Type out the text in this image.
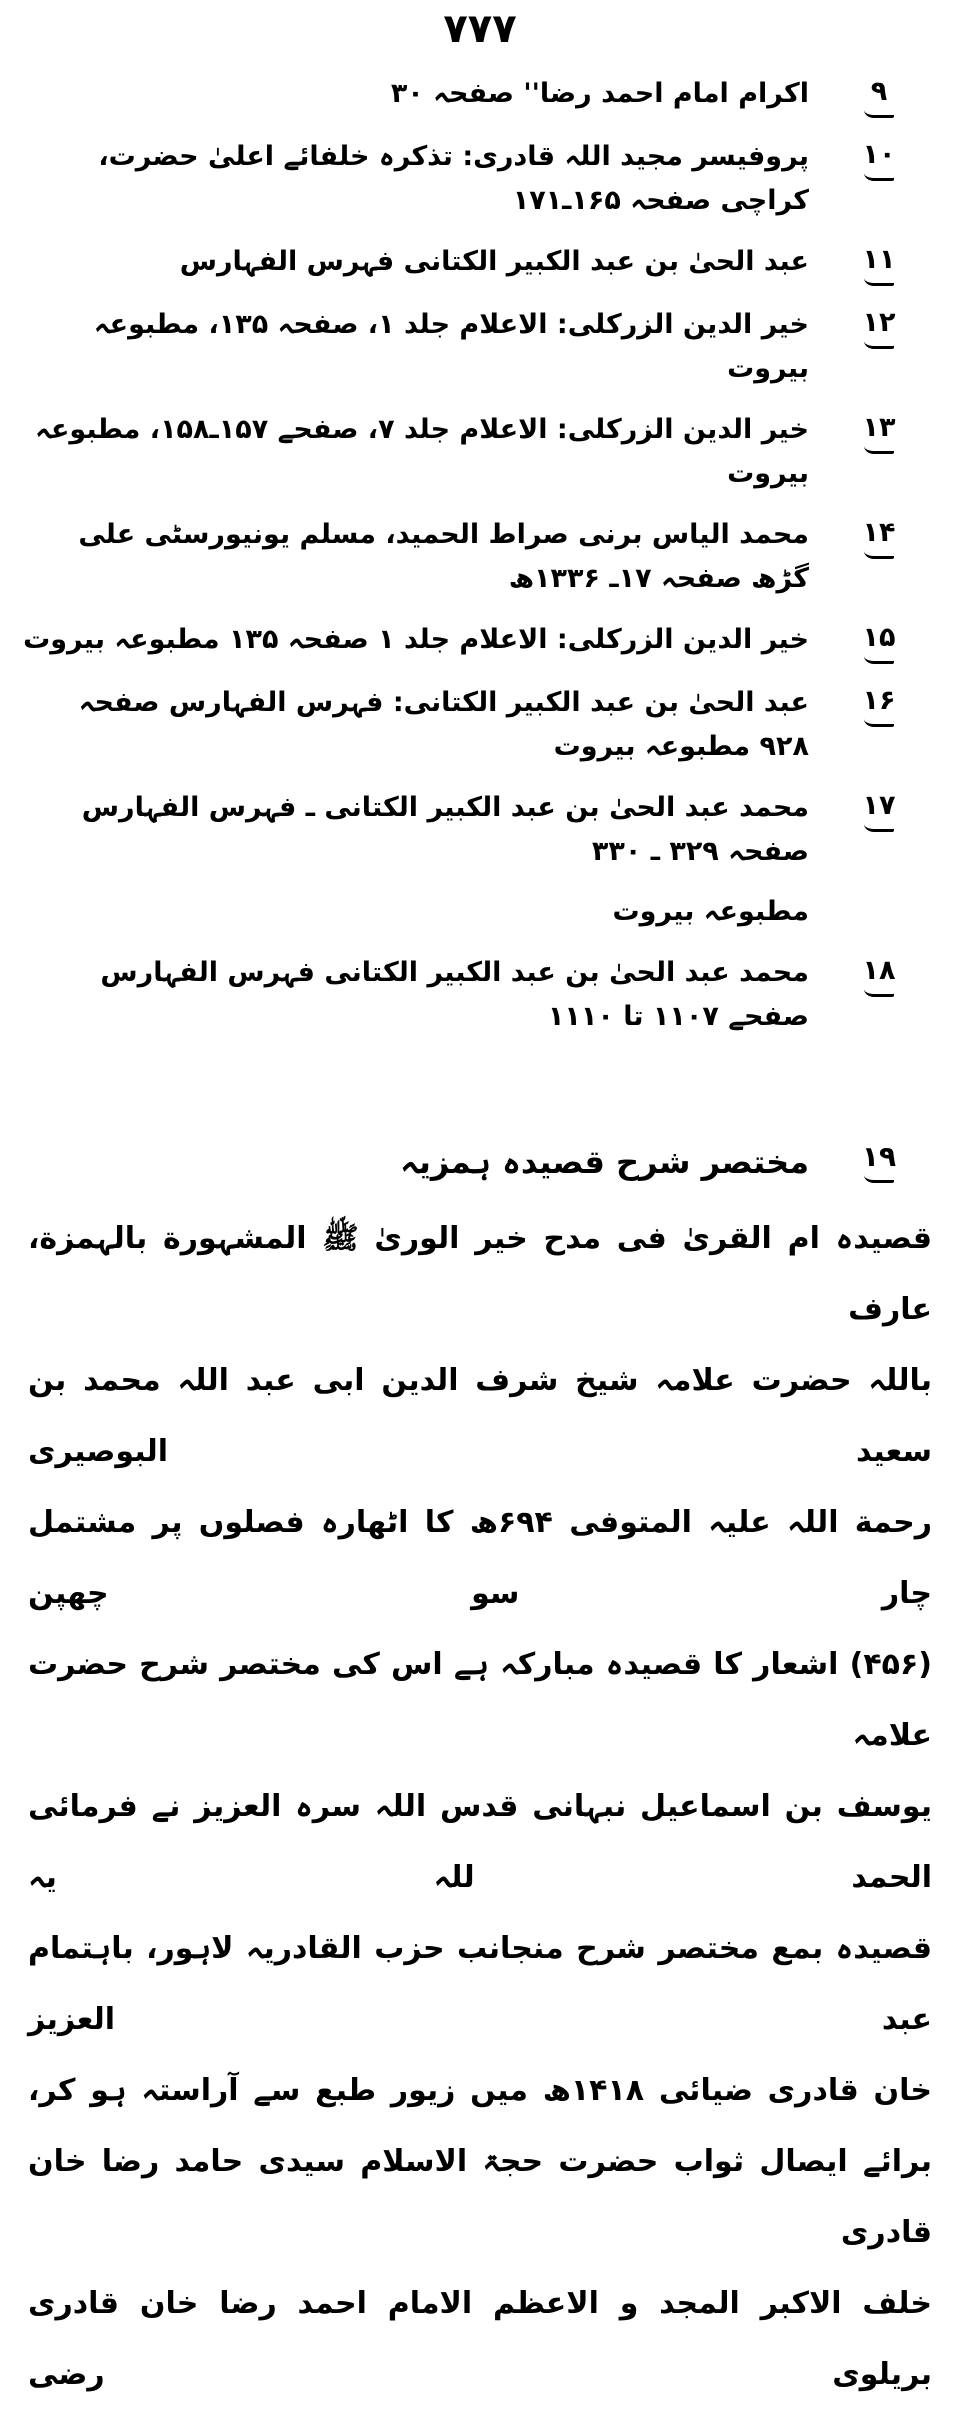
۷۷۷
۹
اکرام امام احمد رضا'' صفحہ ۳۰
۱۰
پروفیسر مجید اللہ قادری: تذکرہ خلفائے اعلیٰ حضرت، کراچی صفحہ ۱۶۵ـ۱۷۱
۱۱
عبد الحیٰ بن عبد الکبیر الکتانی فہرس الفہارس
۱۲
خیر الدین الزرکلی: الاعلام جلد ۱، صفحہ ۱۳۵، مطبوعہ بیروت
۱۳
خیر الدین الزرکلی: الاعلام جلد ۷، صفحے ۱۵۷ـ۱۵۸، مطبوعہ بیروت
۱۴
محمد الیاس برنی صراط الحمید، مسلم یونیورسٹی علی گڑھ صفحہ ۱۷ـ ۱۳۳۶ھ
۱۵
خیر الدین الزرکلی: الاعلام جلد ۱ صفحہ ۱۳۵ مطبوعہ بیروت
۱۶
عبد الحیٰ بن عبد الکبیر الکتانی: فہرس الفہارس صفحہ ۹۲۸ مطبوعہ بیروت
۱۷
محمد عبد الحیٰ بن عبد الکبیر الکتانی ـ فہرس الفہارس صفحہ ۳۲۹ ـ ۳۳۰
مطبوعہ بیروت
۱۸
محمد عبد الحیٰ بن عبد الکبیر الکتانی فہرس الفہارس صفحے ۱۱۰۷ تا ۱۱۱۰
۱۹
مختصر شرح قصیدہ ہمزیہ
قصیدہ ام القریٰ فی مدح خیر الوریٰ ﷺ المشہورة بالہمزة، عارف
باللہ حضرت علامہ شیخ شرف الدین ابی عبد اللہ محمد بن سعید البوصیری
رحمة اللہ علیہ المتوفی ۶۹۴ھ کا اٹھارہ فصلوں پر مشتمل چار سو چھپن
(۴۵۶) اشعار کا قصیدہ مبارکہ ہے اس کی مختصر شرح حضرت علامہ
یوسف بن اسماعیل نبہانی قدس اللہ سرہ العزیز نے فرمائی الحمد للہ یہ
قصیدہ بمع مختصر شرح منجانب حزب القادریہ لاہور، باہتمام عبد العزیز
خان قادری ضیائی ۱۴۱۸ھ میں زیور طبع سے آراستہ ہو کر،
برائے ایصال ثواب حضرت حجۃ الاسلام سیدی حامد رضا خان قادری
خلف الاکبر المجد و الاعظم الامام احمد رضا خان قادری بریلوی رضی
